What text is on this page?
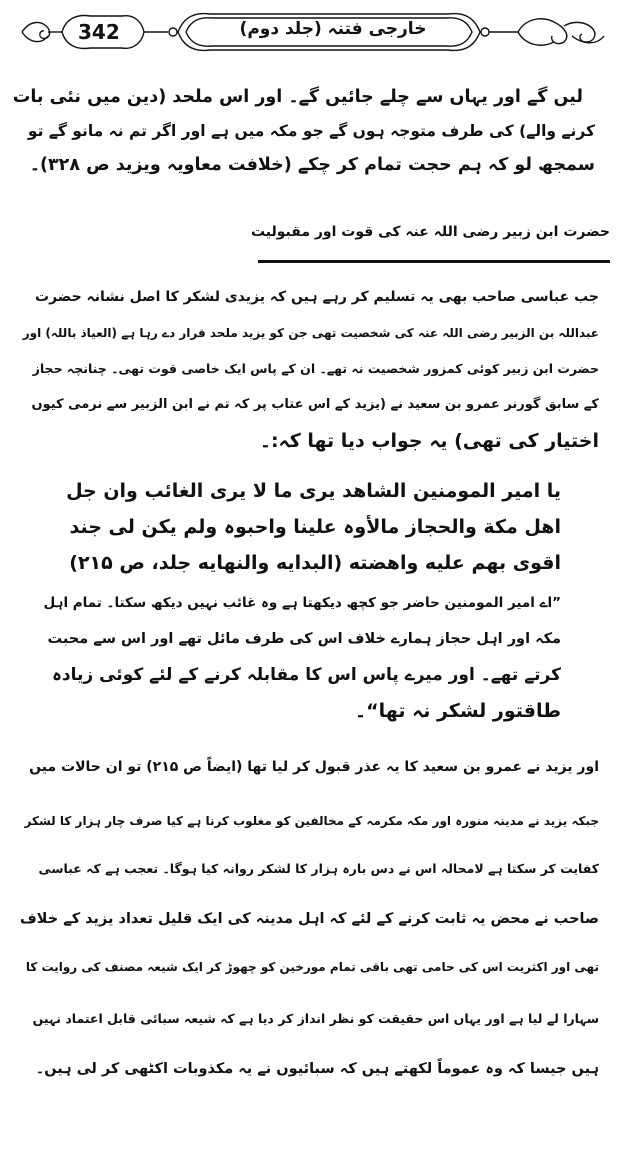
342	خارجی فتنہ (جلد دوم)
لیں گے اور یہاں سے چلے جائیں گے۔ اور اس ملحد (دین میں نئی بات
کرنے والے) کی طرف متوجہ ہوں گے جو مکہ میں ہے اور اگر تم نہ مانو گے تو
سمجھ لو کہ ہم حجت تمام کر چکے (خلافت معاویہ ویزید ص ۳۲۸)۔
حضرت ابن زبیر رضی اللہ عنہ کی قوت اور مقبولیت
جب عباسی صاحب بھی یہ تسلیم کر رہے ہیں کہ یزیدی لشکر کا اصل نشانہ حضرت
عبداللہ بن الزبیر رضی اللہ عنہ کی شخصیت تھی جن کو یزید ملحد قرار دے رہا ہے (العیاذ باللہ) اور
حضرت ابن زبیر کوئی کمزور شخصیت نہ تھے۔ ان کے پاس ایک خاصی قوت تھی۔ چنانچہ حجاز
کے سابق گورنر عمرو بن سعید نے (یزید کے اس عتاب پر کہ تم نے ابن الزبیر سے نرمی کیوں
اختیار کی تھی) یہ جواب دیا تھا کہ:۔
یا امیر المومنین الشاھد یری ما لا یری الغائب وان جل
اھل مکة والحجاز مالأوہ علینا واحبوہ ولم یکن لی جند
اقوی بھم علیه واھضته (البدایه والنهایه جلد، ص ۲۱۵)
”اے امیر المومنین حاضر جو کچھ دیکھتا ہے وہ غائب نہیں دیکھ سکتا۔ تمام اہل
مکہ اور اہل حجاز ہمارے خلاف اس کی طرف مائل تھے اور اس سے محبت
کرتے تھے۔ اور میرے پاس اس کا مقابلہ کرنے کے لئے کوئی زیادہ
طاقتور لشکر نہ تھا“۔
اور یزید نے عمرو بن سعید کا یہ عذر قبول کر لیا تھا (ایضاً ص ۲۱۵) تو ان حالات میں
جبکہ یزید نے مدینہ منورہ اور مکہ مکرمہ کے مخالفین کو مغلوب کرنا ہے کیا صرف چار ہزار کا لشکر
کفایت کر سکتا ہے لامحالہ اس نے دس بارہ ہزار کا لشکر روانہ کیا ہوگا۔ تعجب ہے کہ عباسی
صاحب نے محض یہ ثابت کرنے کے لئے کہ اہل مدینہ کی ایک قلیل تعداد یزید کے خلاف
تھی اور اکثریت اس کی حامی تھی باقی تمام مورخین کو چھوڑ کر ایک شیعہ مصنف کی روایت کا
سہارا لے لیا ہے اور یہاں اس حقیقت کو نظر انداز کر دیا ہے کہ شیعہ سبائی قابل اعتماد نہیں
ہیں جیسا کہ وہ عموماً لکھتے ہیں کہ سبائیوں نے یہ مکذوبات اکٹھی کر لی ہیں۔
